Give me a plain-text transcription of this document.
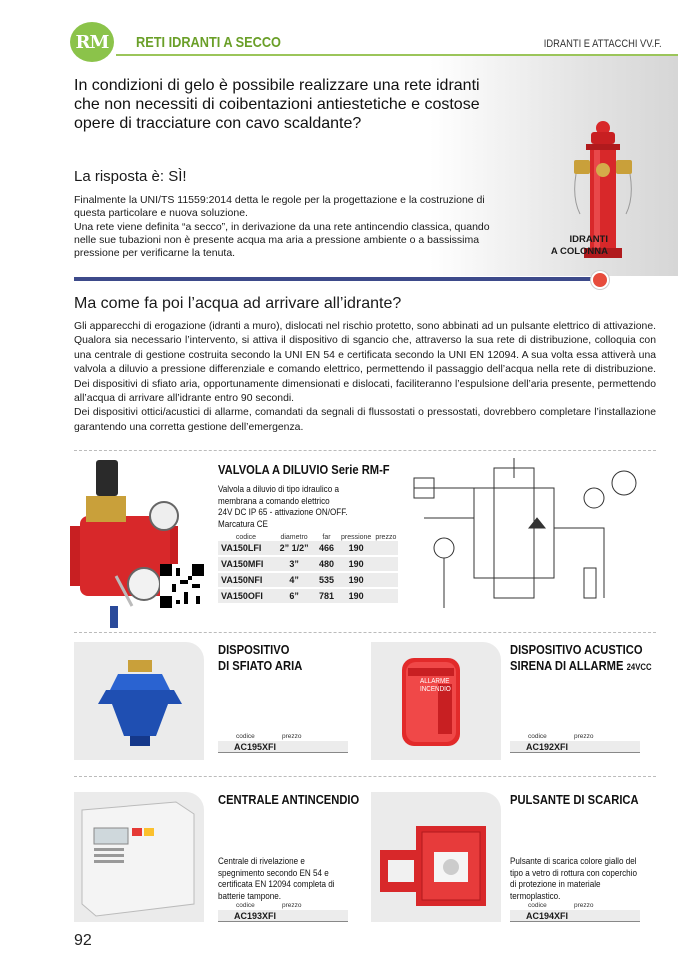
RM	RETI IDRANTI A SECCO	IDRANTI E ATTACCHI VV.F.
In condizioni di gelo è possibile realizzare una rete idranti che non necessiti di coibentazioni antiestetiche e costose opere di tracciature con cavo scaldante?
La risposta è: SÌ!
Finalmente la UNI/TS 11559:2014 detta le regole per la progettazione e la costruzione di questa particolare e nuova soluzione.
Una rete viene definita “a secco”, in derivazione da una rete antincendio classica, quando nelle sue tubazioni non è presente acqua ma aria a pressione ambiente o a bassissima pressione per verificarne la tenuta.
IDRANTI
A COLONNA
Ma come fa poi l’acqua ad arrivare all’idrante?

Gli apparecchi di erogazione (idranti a muro), dislocati nel rischio protetto, sono abbinati ad un pulsante elettrico di attivazione. Qualora sia necessario l’intervento, si attiva il dispositivo di sgancio che, attraverso la sua rete di distribuzione, colloquia con una centrale di gestione costruita secondo la UNI EN 54 e certificata secondo la UNI EN 12094. A sua volta essa attiverà una valvola a diluvio a pressione differenziale e comando elettrico, permettendo il passaggio dell’acqua nella rete di distribuzione. Dei dispositivi di sfiato aria, opportunamente dimensionati e dislocati, faciliteranno l’espulsione dell’aria presente, permettendo all’acqua di arrivare all’idrante entro 90 secondi.

Dei dispositivi ottici/acustici di allarme, comandati da segnali di flussostati o pressostati, dovrebbero completare l’installazione garantendo una corretta gestione dell’emergenza.

VALVOLA A DILUVIO Serie RM-F
Valvola a diluvio di tipo idraulico a membrana a comando elettrico
24V DC IP 65 - attivazione ON/OFF.
Marcatura CE
codice	diametro	far	pressione	prezzo
VA150LFI	2” 1/2”	466	190	
VA150MFI	3”	480	190	
VA150NFI	4”	535	190	
VA150OFI	6”	781	190	
DISPOSITIVO
DI SFIATO ARIA
codice	prezzo
AC195XFI
ALLARME INCENDIO
DISPOSITIVO ACUSTICO
SIRENA DI ALLARME 24VCC
codice	prezzo
AC192XFI
CENTRALE ANTINCENDIO
Centrale di rivelazione e spegnimento secondo EN 54 e certificata EN 12094 completa di batterie tampone.
codice	prezzo
AC193XFI
PULSANTE DI SCARICA
Pulsante di scarica colore giallo del tipo a vetro di rottura con coperchio di protezione in materiale termoplastico.
codice	prezzo
AC194XFI
92
